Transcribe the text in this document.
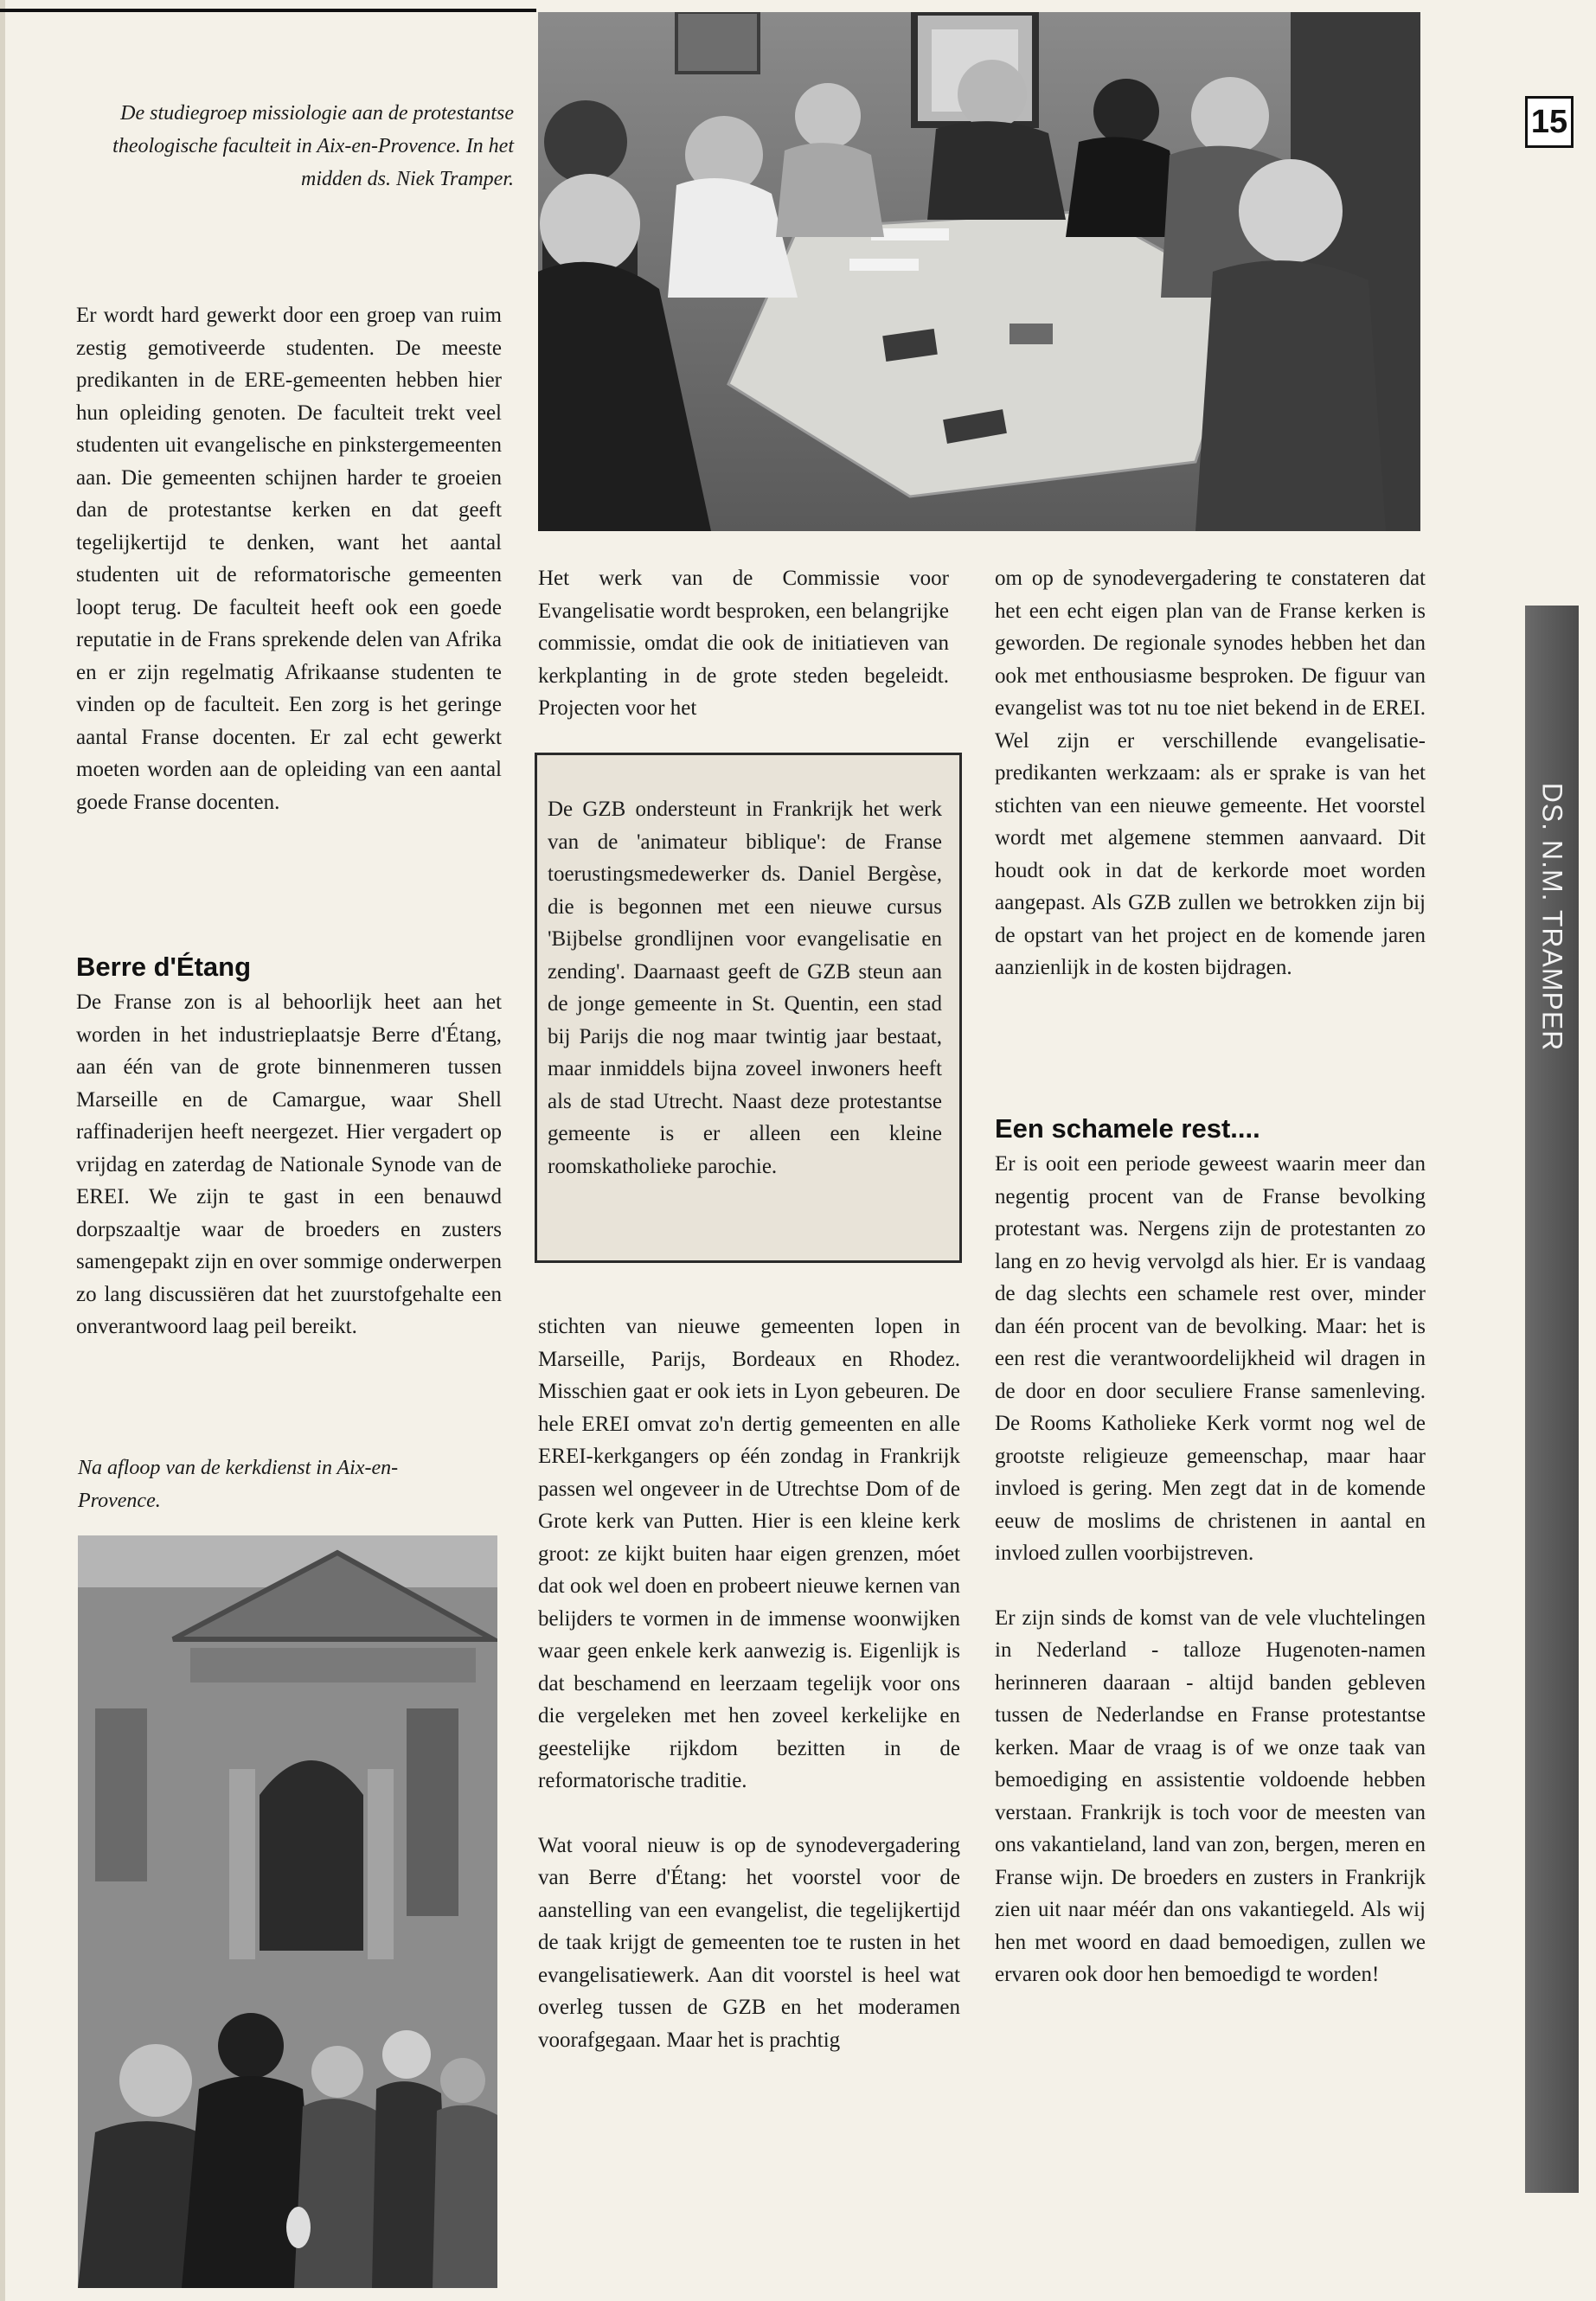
De studiegroep missiologie aan de protestantse theologische faculteit in Aix-en-Provence. In het midden ds. Niek Tramper.
15
DS. N.M. TRAMPER

Er wordt hard gewerkt door een groep van ruim zestig gemotiveerde studenten. De meeste predikanten in de ERE-gemeenten hebben hier hun opleiding genoten. De faculteit trekt veel studenten uit evangelische en pinkstergemeenten aan. Die gemeenten schijnen harder te groeien dan de protestantse kerken en dat geeft tegelijkertijd te denken, want het aantal studenten uit de reformatorische gemeenten loopt terug. De faculteit heeft ook een goede reputatie in de Frans sprekende delen van Afrika en er zijn regelmatig Afrikaanse studenten te vinden op de faculteit. Een zorg is het geringe aantal Franse docenten. Er zal echt gewerkt moeten worden aan de opleiding van een aantal goede Franse docenten.

Berre d'Étang

De Franse zon is al behoorlijk heet aan het worden in het industrieplaatsje Berre d'Étang, aan één van de grote binnenmeren tussen Marseille en de Camargue, waar Shell raffinaderijen heeft neergezet. Hier vergadert op vrijdag en zaterdag de Nationale Synode van de EREI. We zijn te gast in een benauwd dorpszaaltje waar de broeders en zusters samengepakt zijn en over sommige onderwerpen zo lang discussiëren dat het zuurstofgehalte een onverantwoord laag peil bereikt.

Na afloop van de kerkdienst in Aix-en-Provence.

Het werk van de Commissie voor Evangelisatie wordt besproken, een belangrijke commissie, omdat die ook de initiatieven van kerkplanting in de grote steden begeleidt. Projecten voor het

De GZB ondersteunt in Frankrijk het werk van de 'animateur biblique': de Franse toerustingsmedewerker ds. Daniel Bergèse, die is begonnen met een nieuwe cursus 'Bijbelse grondlijnen voor evangelisatie en zending'. Daarnaast geeft de GZB steun aan de jonge gemeente in St. Quentin, een stad bij Parijs die nog maar twintig jaar bestaat, maar inmiddels bijna zoveel inwoners heeft als de stad Utrecht. Naast deze protestantse gemeente is er alleen een kleine roomskatholieke parochie.

stichten van nieuwe gemeenten lopen in Marseille, Parijs, Bordeaux en Rhodez. Misschien gaat er ook iets in Lyon gebeuren. De hele EREI omvat zo'n dertig gemeenten en alle EREI-kerkgangers op één zondag in Frankrijk passen wel ongeveer in de Utrechtse Dom of de Grote kerk van Putten. Hier is een kleine kerk groot: ze kijkt buiten haar eigen grenzen, móet dat ook wel doen en probeert nieuwe kernen van belijders te vormen in de immense woonwijken waar geen enkele kerk aanwezig is. Eigenlijk is dat beschamend en leerzaam tegelijk voor ons die vergeleken met hen zoveel kerkelijke en geestelijke rijkdom bezitten in de reformatorische traditie.

Wat vooral nieuw is op de synodevergadering van Berre d'Étang: het voorstel voor de aanstelling van een evangelist, die tegelijkertijd de taak krijgt de gemeenten toe te rusten in het evangelisatiewerk. Aan dit voorstel is heel wat overleg tussen de GZB en het moderamen voorafgegaan. Maar het is prachtig

om op de synodevergadering te constateren dat het een echt eigen plan van de Franse kerken is geworden. De regionale synodes hebben het dan ook met enthousiasme besproken. De figuur van evangelist was tot nu toe niet bekend in de EREI. Wel zijn er verschillende evangelisatie-predikanten werkzaam: als er sprake is van het stichten van een nieuwe gemeente. Het voorstel wordt met algemene stemmen aanvaard. Dit houdt ook in dat de kerkorde moet worden aangepast. Als GZB zullen we betrokken zijn bij de opstart van het project en de komende jaren aanzienlijk in de kosten bijdragen.

Een schamele rest....

Er is ooit een periode geweest waarin meer dan negentig procent van de Franse bevolking protestant was. Nergens zijn de protestanten zo lang en zo hevig vervolgd als hier. Er is vandaag de dag slechts een schamele rest over, minder dan één procent van de bevolking. Maar: het is een rest die verantwoordelijkheid wil dragen in de door en door seculiere Franse samenleving. De Rooms Katholieke Kerk vormt nog wel de grootste religieuze gemeenschap, maar haar invloed is gering. Men zegt dat in de komende eeuw de moslims de christenen in aantal en invloed zullen voorbijstreven.

Er zijn sinds de komst van de vele vluchtelingen in Nederland - talloze Hugenoten-namen herinneren daaraan - altijd banden gebleven tussen de Nederlandse en Franse protestantse kerken. Maar de vraag is of we onze taak van bemoediging en assistentie voldoende hebben verstaan. Frankrijk is toch voor de meesten van ons vakantieland, land van zon, bergen, meren en Franse wijn. De broeders en zusters in Frankrijk zien uit naar méér dan ons vakantiegeld. Als wij hen met woord en daad bemoedigen, zullen we ervaren ook door hen bemoedigd te worden!
